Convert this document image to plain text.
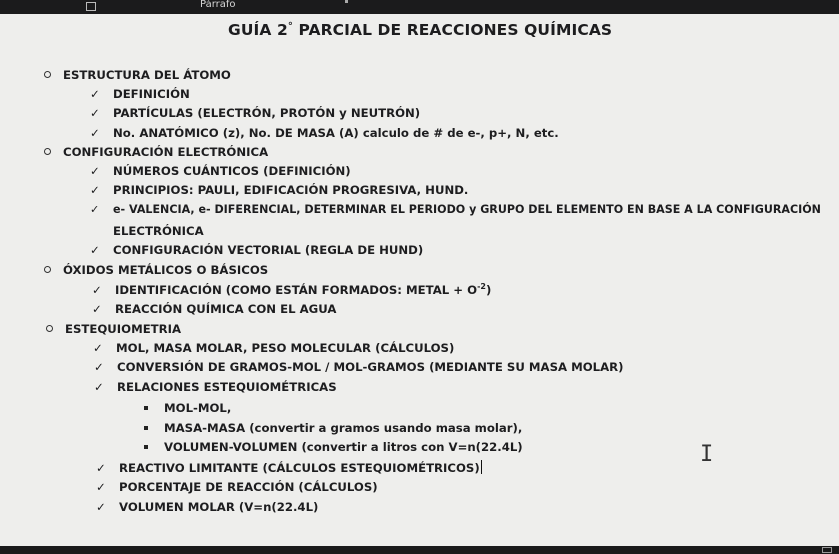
Párrafo
GUÍA 2° PARCIAL DE REACCIONES QUÍMICAS
ESTRUCTURA DEL ÁTOMO
✓ DEFINICIÓN
✓ PARTÍCULAS (ELECTRÓN, PROTÓN y NEUTRÓN)
✓ No. ANATÓMICO (z), No. DE MASA (A) calculo de # de e-, p+, N, etc.
CONFIGURACIÓN ELECTRÓNICA
✓ NÚMEROS CUÁNTICOS (DEFINICIÓN)
✓ PRINCIPIOS: PAULI, EDIFICACIÓN PROGRESIVA, HUND.
✓ e- VALENCIA, e- DIFERENCIAL, DETERMINAR EL PERIODO y GRUPO DEL ELEMENTO EN BASE A LA CONFIGURACIÓN
ELECTRÓNICA
✓ CONFIGURACIÓN VECTORIAL (REGLA DE HUND)
ÓXIDOS METÁLICOS O BÁSICOS
✓ IDENTIFICACIÓN (COMO ESTÁN FORMADOS: METAL + $O^{-2}$)
✓ REACCIÓN QUÍMICA CON EL AGUA
ESTEQUIOMETRIA
✓ MOL, MASA MOLAR, PESO MOLECULAR (CÁLCULOS)
✓ CONVERSIÓN DE GRAMOS-MOL / MOL-GRAMOS (MEDIANTE SU MASA MOLAR)
✓ RELACIONES ESTEQUIOMÉTRICAS
MOL-MOL,
MASA-MASA (convertir a gramos usando masa molar),
VOLUMEN-VOLUMEN (convertir a litros con V=n(22.4L)
✓ REACTIVO LIMITANTE (CÁLCULOS ESTEQUIOMÉTRICOS)
✓ PORCENTAJE DE REACCIÓN (CÁLCULOS)
✓ VOLUMEN MOLAR (V=n(22.4L)
I
